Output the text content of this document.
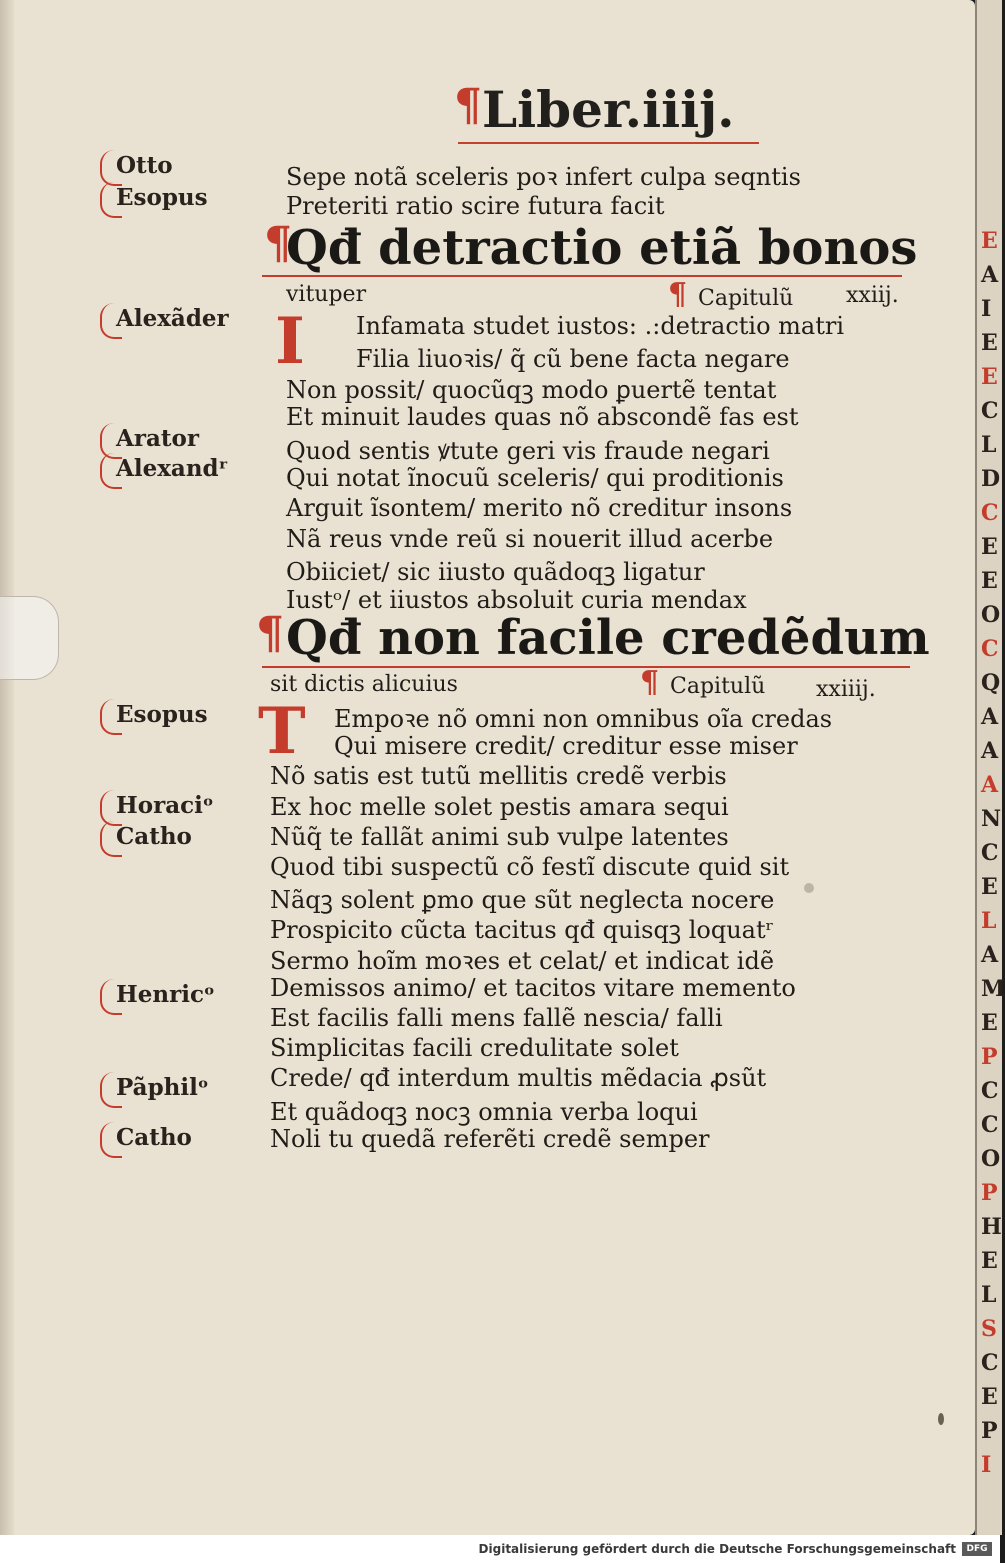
¶ Liber.iiij.
Otto
Esopus
Alexãder
Arator
Alexandʳ
Esopus
Horaciᵒ
Catho
Henricᵒ
Pãphilᵒ
Catho
Sepe notã sceleris poꝛ infert culpa seqntis
Preteriti ratio scire futura facit
¶
Qđ detractio etiã bonos
vituper	¶ Capitulũ xxiij.
I Infamata studet iustos: .:detractio matri
Filia liuoꝛis/ q̃ cũ bene facta negare
Non possit/ quocũqꝫ modo ꝑuertẽ tentat
Et minuit laudes quas nõ abscondẽ fas est
Quod sentis ꝟtute geri vis fraude negari
Qui notat ĩnocuũ sceleris/ qui proditionis
Arguit ĩsontem/ merito nõ creditur insons
Nã reus vnde reũ si nouerit illud acerbe
Obiiciet/ sic iiusto quãdoqꝫ ligatur
Iustᵒ/ et iiustos absoluit curia mendax
¶ Qđ non facile credẽdum
sit dictis alicuius	¶ Capitulũ xxiiij.
T Empoꝛe nõ omni non omnibus oĩa credas
Qui misere credit/ creditur esse miser
Nõ satis est tutũ mellitis credẽ verbis
Ex hoc melle solet pestis amara sequi
Nũq̃ te fallãt animi sub vulpe latentes
Quod tibi suspectũ cõ festĩ discute quid sit
Nãqꝫ solent ꝑmo que sũt neglecta nocere
Prospicito cũcta tacitus qđ quisqꝫ loquatʳ
Sermo hoĩm moꝛes et celat/ et indicat idẽ
Demissos animo/ et tacitos vitare memento
Est facilis falli mens fallẽ nescia/ falli
Simplicitas facili credulitate solet
Crede/ qđ interdum multis mẽdacia ꝓsũt
Et quãdoqꝫ nocꝫ omnia verba loqui
Noli tu quedã referẽti credẽ semper
E
A
I
E
E
C
L
D
C
E
E
O
C
Q
A
A
A
N
C
E
L
A
M
E
P
C
C
O
P
H
E
L
S
C
E
P
I
Digitalisierung gefördert durch die Deutsche Forschungsgemeinschaft	DFG
